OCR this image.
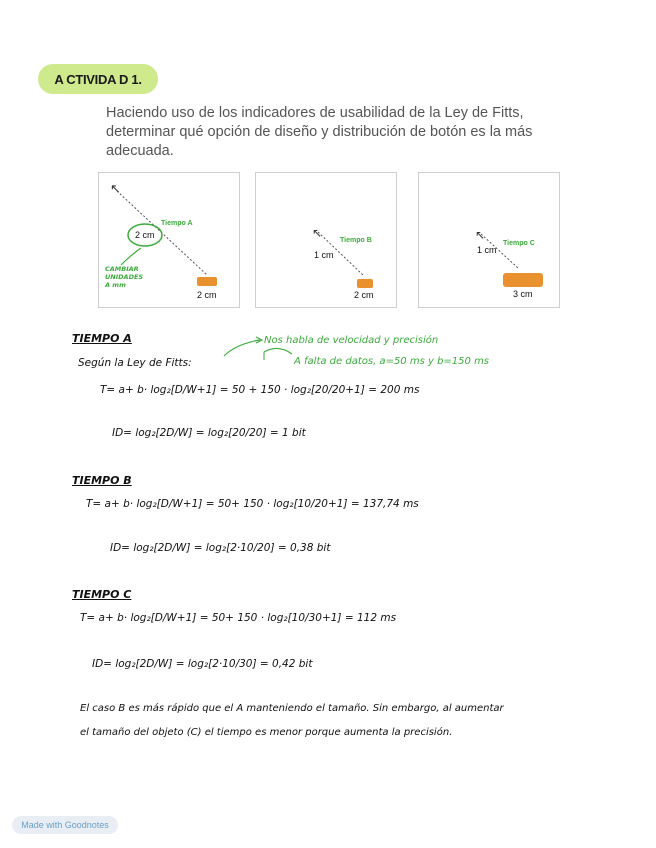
A CTIVIDA D 1.
Haciendo uso de los indicadores de usabilidad de la Ley de Fitts, determinar qué opción de diseño y distribución de botón es la más adecuada.
↖
2 cm
Tiempo A
2 cm
CAMBIAR
UNIDADES
A mm
↖
Tiempo B
1 cm
2 cm
↖
Tiempo C
1 cm
3 cm
TIEMPO A
Según la Ley de Fitts:
Nos habla de velocidad y precisión
A falta de datos, a=50 ms y b=150 ms
T= a+ b· log₂[D/W+1] = 50 + 150 · log₂[20/20+1] = 200 ms
ID= log₂[2D/W] = log₂[20/20] = 1 bit
TIEMPO B
T= a+ b· log₂[D/W+1] = 50+ 150 · log₂[10/20+1] = 137,74 ms
ID= log₂[2D/W] = log₂[2·10/20] = 0,38 bit
TIEMPO C
T= a+ b· log₂[D/W+1] = 50+ 150 · log₂[10/30+1] = 112 ms
ID= log₂[2D/W] = log₂[2·10/30] = 0,42 bit
El caso B es más rápido que el A manteniendo el tamaño. Sin embargo, al aumentar
el tamaño del objeto (C) el tiempo es menor porque aumenta la precisión.
Made with Goodnotes
